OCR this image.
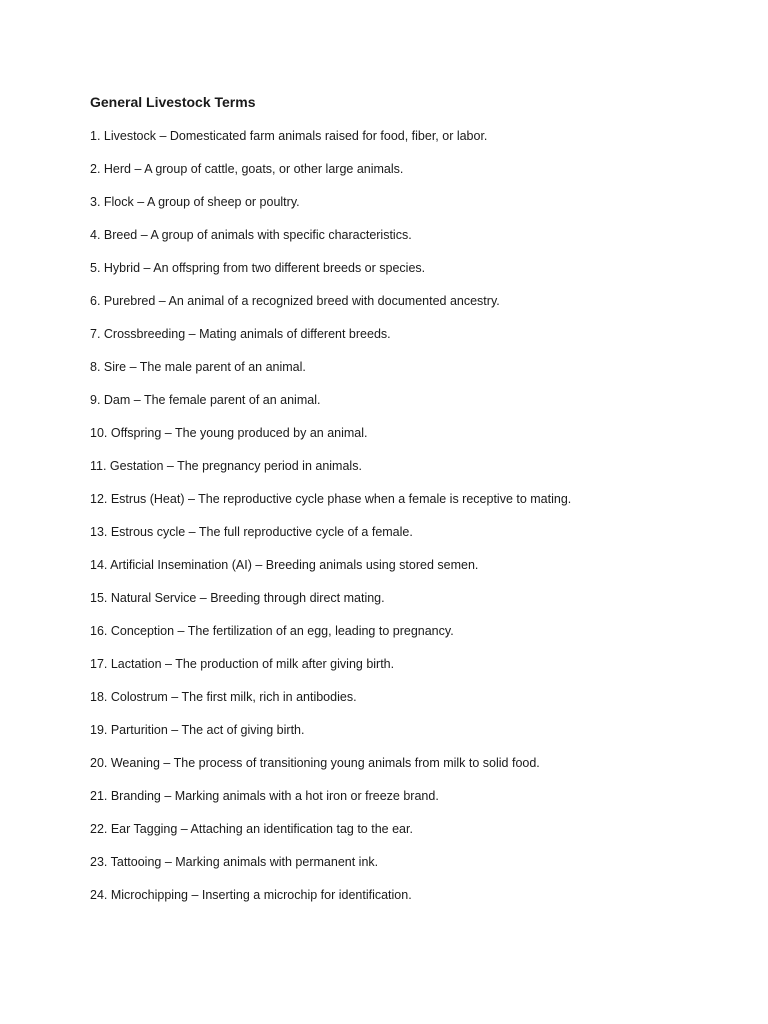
General Livestock Terms
1. Livestock – Domesticated farm animals raised for food, fiber, or labor.
2. Herd – A group of cattle, goats, or other large animals.
3. Flock – A group of sheep or poultry.
4. Breed – A group of animals with specific characteristics.
5. Hybrid – An offspring from two different breeds or species.
6. Purebred – An animal of a recognized breed with documented ancestry.
7. Crossbreeding – Mating animals of different breeds.
8. Sire – The male parent of an animal.
9. Dam – The female parent of an animal.
10. Offspring – The young produced by an animal.
11. Gestation – The pregnancy period in animals.
12. Estrus (Heat) – The reproductive cycle phase when a female is receptive to mating.
13. Estrous cycle – The full reproductive cycle of a female.
14. Artificial Insemination (AI) – Breeding animals using stored semen.
15. Natural Service – Breeding through direct mating.
16. Conception – The fertilization of an egg, leading to pregnancy.
17. Lactation – The production of milk after giving birth.
18. Colostrum – The first milk, rich in antibodies.
19. Parturition – The act of giving birth.
20. Weaning – The process of transitioning young animals from milk to solid food.
21. Branding – Marking animals with a hot iron or freeze brand.
22. Ear Tagging – Attaching an identification tag to the ear.
23. Tattooing – Marking animals with permanent ink.
24. Microchipping – Inserting a microchip for identification.
